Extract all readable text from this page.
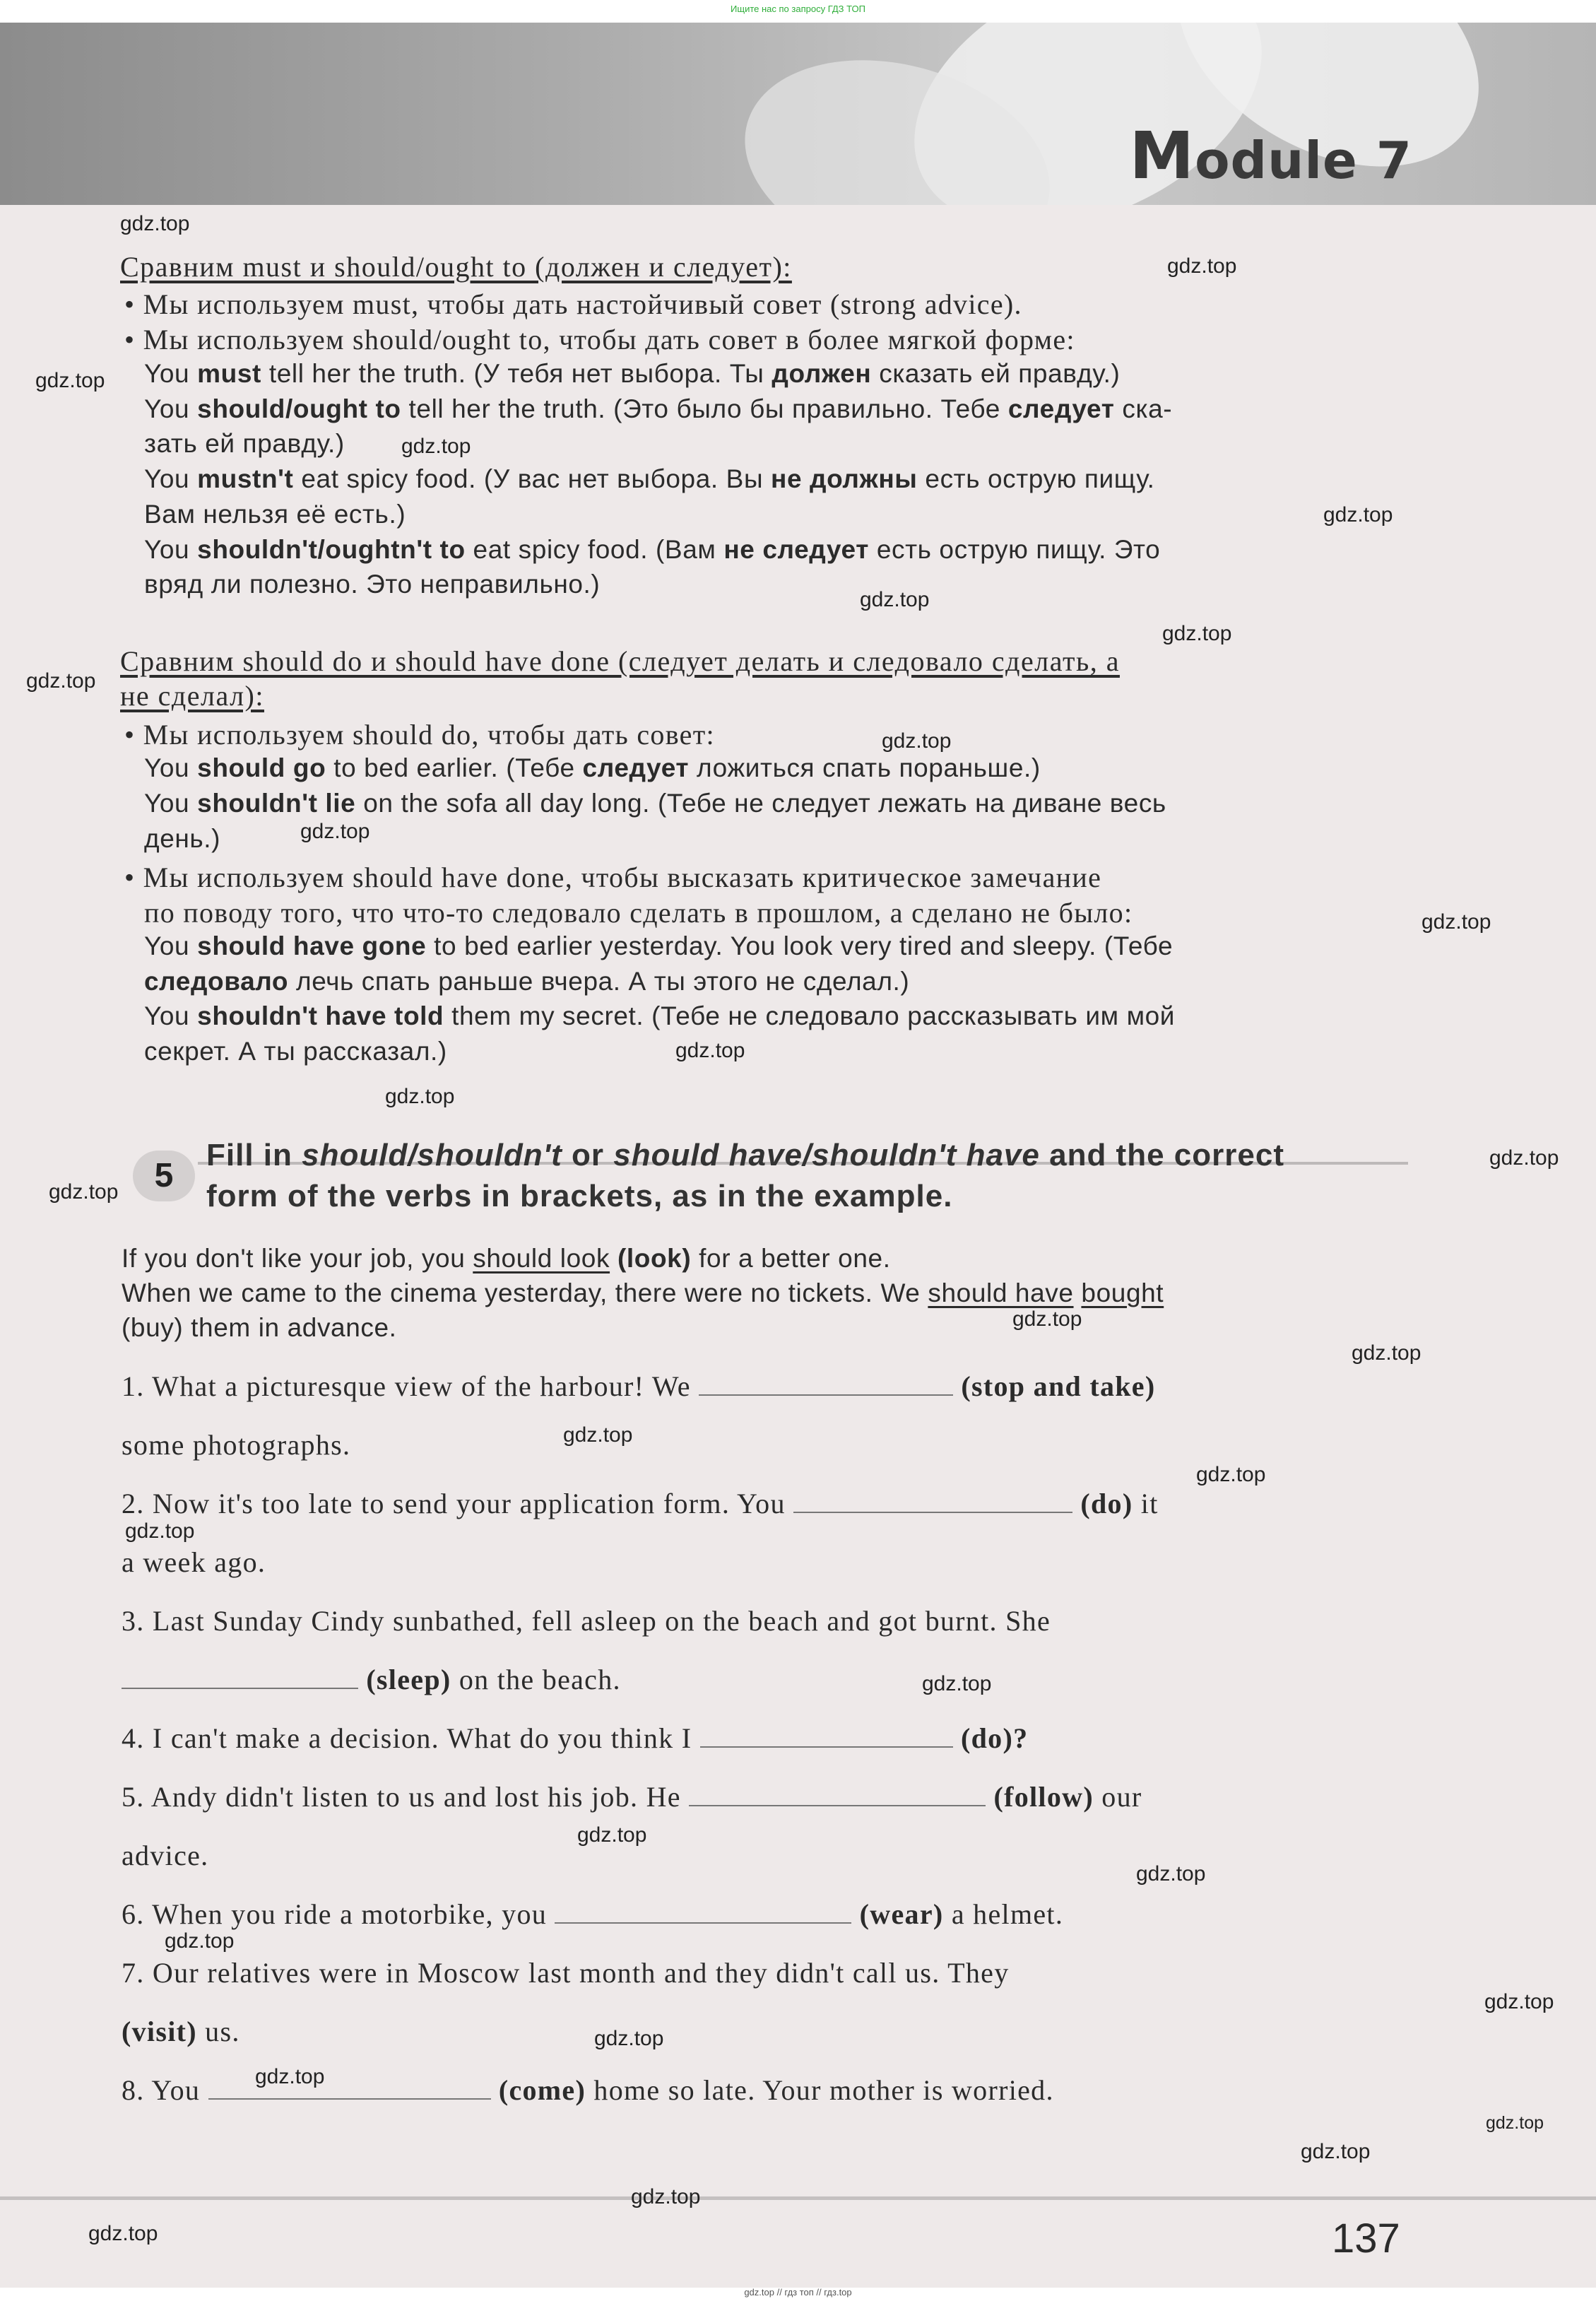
Ищите нас по запросу ГДЗ ТОП
Module 7
Сравним must и should/ought to (должен и следует):
• Мы используем must, чтобы дать настойчивый совет (strong advice).
• Мы используем should/ought to, чтобы дать совет в более мягкой форме:
You must tell her the truth. (У тебя нет выбора. Ты должен сказать ей правду.)
You should/ought to tell her the truth. (Это было бы правильно. Тебе следует ска-
зать ей правду.)
You mustn't eat spicy food. (У вас нет выбора. Вы не должны есть острую пищу.
Вам нельзя её есть.)
You shouldn't/oughtn't to eat spicy food. (Вам не следует есть острую пищу. Это
вряд ли полезно. Это неправильно.)
Сравним should do и should have done (следует делать и следовало сделать, а
не сделал):
• Мы используем should do, чтобы дать совет:
You should go to bed earlier. (Тебе следует ложиться спать пораньше.)
You shouldn't lie on the sofa all day long. (Тебе не следует лежать на диване весь
день.)
• Мы используем should have done, чтобы высказать критическое замечание
по поводу того, что что-то следовало сделать в прошлом, а сделано не было:
You should have gone to bed earlier yesterday. You look very tired and sleepy. (Тебе
следовало лечь спать раньше вчера. А ты этого не сделал.)
You shouldn't have told them my secret. (Тебе не следовало рассказывать им мой
секрет. А ты рассказал.)
5
Fill in should/shouldn't or should have/shouldn't have and the correct
form of the verbs in brackets, as in the example.
If you don't like your job, you should look (look) for a better one.
When we came to the cinema yesterday, there were no tickets. We should have bought
(buy) them in advance.
1. What a picturesque view of the harbour! We	(stop and take)
some photographs.
2. Now it's too late to send your application form. You	(do) it
a week ago.
3. Last Sunday Cindy sunbathed, fell asleep on the beach and got burnt. She
(sleep) on the beach.
4. I can't make a decision. What do you think I	(do)?
5. Andy didn't listen to us and lost his job. He	(follow) our
advice.
6. When you ride a motorbike, you	(wear) a helmet.
7. Our relatives were in Moscow last month and they didn't call us. They
(visit) us.
8. You	(come) home so late. Your mother is worried.
137
gdz.top
gdz.top
gdz.top
gdz.top
gdz.top
gdz.top
gdz.top
gdz.top
gdz.top
gdz.top
gdz.top
gdz.top
gdz.top
gdz.top
gdz.top
gdz.top
gdz.top
gdz.top
gdz.top
gdz.top
gdz.top
gdz.top
gdz.top
gdz.top
gdz.top
gdz.top
gdz.top
gdz.top
gdz.top
gdz.top
gdz.top
gdz.top // гдз топ // гдз.top
